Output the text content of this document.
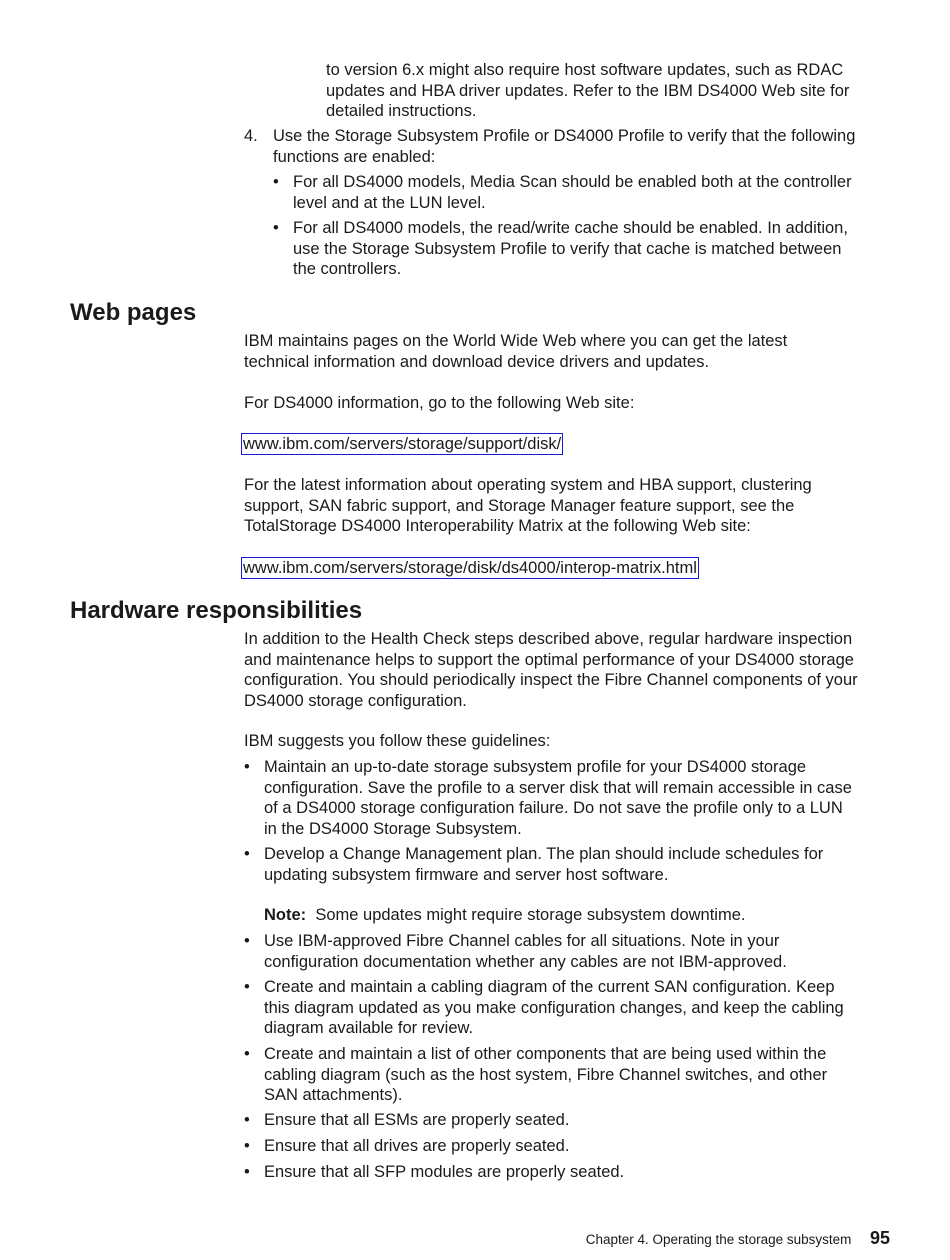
to version 6.x might also require host software updates, such as RDAC
updates and HBA driver updates. Refer to the IBM DS4000 Web site for
detailed instructions.

4. Use the Storage Subsystem Profile or DS4000 Profile to verify that the following
functions are enabled:

• For all DS4000 models, Media Scan should be enabled both at the controller
level and at the LUN level.

• For all DS4000 models, the read/write cache should be enabled. In addition,
use the Storage Subsystem Profile to verify that cache is matched between
the controllers.

Web pages

IBM maintains pages on the World Wide Web where you can get the latest
technical information and download device drivers and updates.

For DS4000 information, go to the following Web site:

www.ibm.com/servers/storage/support/disk/

For the latest information about operating system and HBA support, clustering
support, SAN fabric support, and Storage Manager feature support, see the
TotalStorage DS4000 Interoperability Matrix at the following Web site:

www.ibm.com/servers/storage/disk/ds4000/interop-matrix.html
Hardware responsibilities

In addition to the Health Check steps described above, regular hardware inspection
and maintenance helps to support the optimal performance of your DS4000 storage
configuration. You should periodically inspect the Fibre Channel components of your
DS4000 storage configuration.

IBM suggests you follow these guidelines:

• Maintain an up-to-date storage subsystem profile for your DS4000 storage
configuration. Save the profile to a server disk that will remain accessible in case
of a DS4000 storage configuration failure. Do not save the profile only to a LUN
in the DS4000 Storage Subsystem.

• Develop a Change Management plan. The plan should include schedules for
updating subsystem firmware and server host software.

Note: Some updates might require storage subsystem downtime.

• Use IBM-approved Fibre Channel cables for all situations. Note in your
configuration documentation whether any cables are not IBM-approved.

• Create and maintain a cabling diagram of the current SAN configuration. Keep
this diagram updated as you make configuration changes, and keep the cabling
diagram available for review.

• Create and maintain a list of other components that are being used within the
cabling diagram (such as the host system, Fibre Channel switches, and other
SAN attachments).

• Ensure that all ESMs are properly seated.

• Ensure that all drives are properly seated.

• Ensure that all SFP modules are properly seated.

Chapter 4. Operating the storage subsystem 95
